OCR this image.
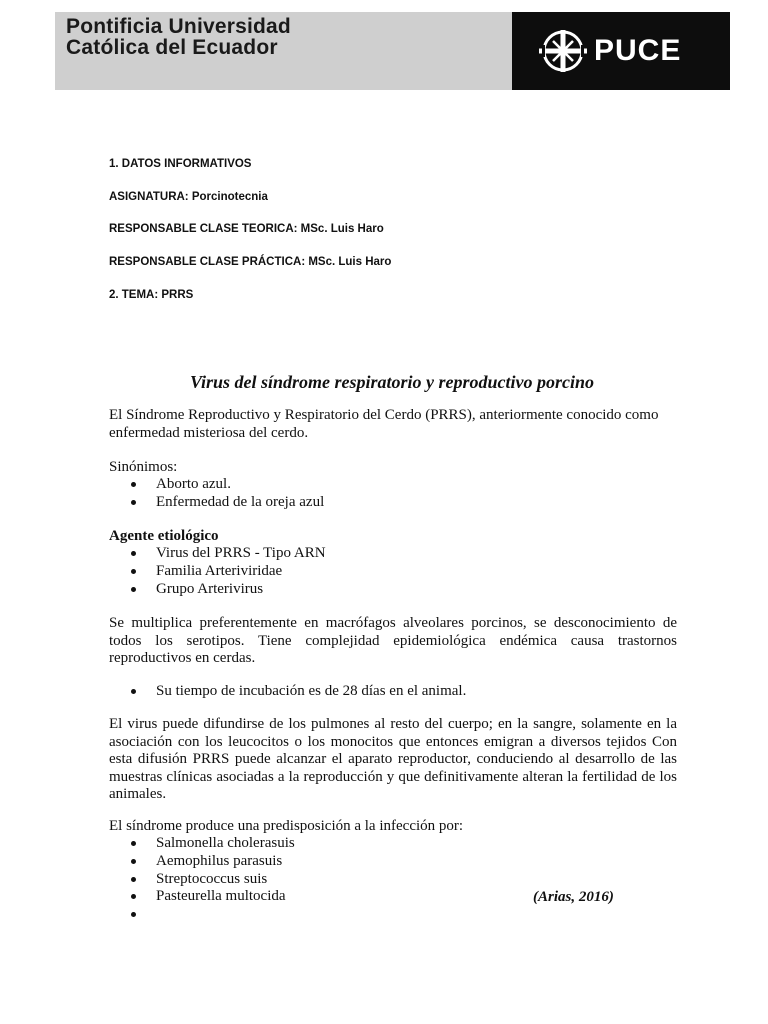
Pontificia Universidad
Católica del Ecuador	PUCE
1. DATOS INFORMATIVOS
ASIGNATURA: Porcinotecnia
RESPONSABLE CLASE TEORICA: MSc. Luis Haro
RESPONSABLE CLASE PRÁCTICA: MSc. Luis Haro
2. TEMA: PRRS
Virus del síndrome respiratorio y reproductivo porcino
El Síndrome Reproductivo y Respiratorio del Cerdo (PRRS), anteriormente conocido como enfermedad misteriosa del cerdo.
Sinónimos:
Aborto azul.
Enfermedad de la oreja azul
Agente etiológico
Virus del PRRS - Tipo ARN
Familia Arteriviridae
Grupo Arterivirus
Se multiplica preferentemente en macrófagos alveolares porcinos, se desconocimiento de todos los serotipos. Tiene complejidad epidemiológica endémica causa trastornos reproductivos en cerdas.
Su tiempo de incubación es de 28 días en el animal.
El virus puede difundirse de los pulmones al resto del cuerpo; en la sangre, solamente en la asociación con los leucocitos o los monocitos que entonces emigran a diversos tejidos Con esta difusión PRRS puede alcanzar el aparato reproductor, conduciendo al desarrollo de las muestras clínicas asociadas a la reproducción y que definitivamente alteran la fertilidad de los animales.
El síndrome produce una predisposición a la infección por:
Salmonella cholerasuis
Aemophilus parasuis
Streptococcus suis
Pasteurella multocida	(Arias, 2016)
